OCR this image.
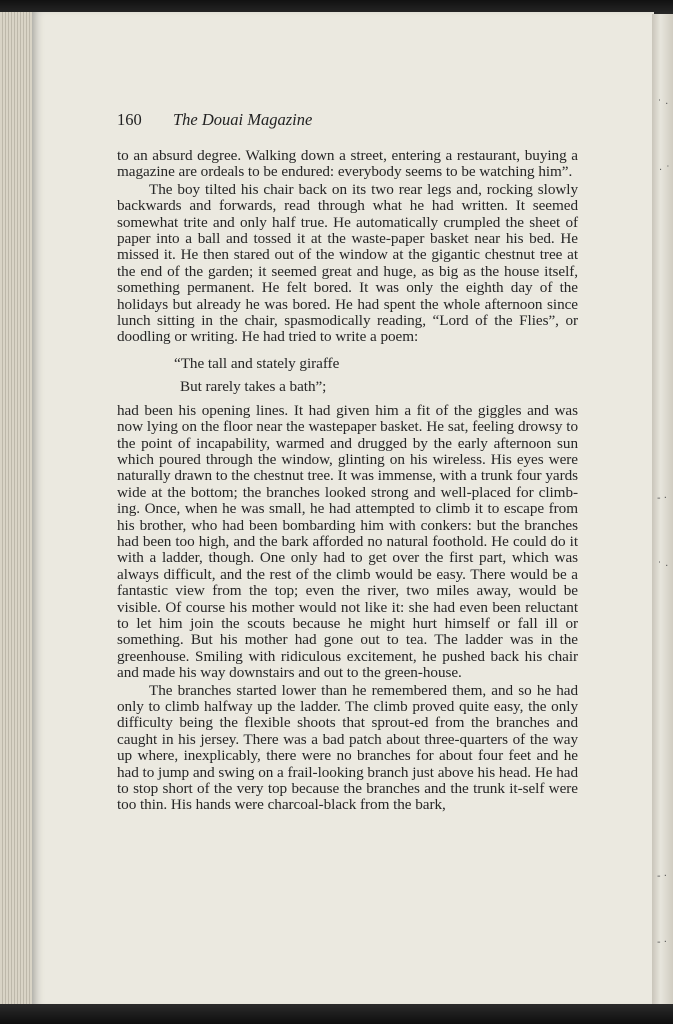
˙ ·
· ˙
- ·
˙ ·
- ·
- ·
160 The Douai Magazine

to an absurd degree. Walking down a street, entering a restaurant, buying a magazine are ordeals to be endured: everybody seems to be watching him”.

The boy tilted his chair back on its two rear legs and, rocking slowly backwards and forwards, read through what he had written. It seemed somewhat trite and only half true. He automatically crumpled the sheet of paper into a ball and tossed it at the waste-paper basket near his bed. He missed it. He then stared out of the window at the gigantic chestnut tree at the end of the garden; it seemed great and huge, as big as the house itself, something permanent. He felt bored. It was only the eighth day of the holidays but already he was bored. He had spent the whole afternoon since lunch sitting in the chair, spasmodically reading, “Lord of the Flies”, or doodling or writing. He had tried to write a poem:

“The tall and stately giraffe

But rarely takes a bath”;

had been his opening lines. It had given him a fit of the giggles and was now lying on the floor near the wastepaper basket. He sat, feeling drowsy to the point of incapability, warmed and drugged by the early afternoon sun which poured through the window, glinting on his wireless. His eyes were naturally drawn to the chestnut tree. It was immense, with a trunk four yards wide at the bottom; the branches looked strong and well-placed for climb-ing. Once, when he was small, he had attempted to climb it to escape from his brother, who had been bombarding him with conkers: but the branches had been too high, and the bark afforded no natural foothold. He could do it with a ladder, though. One only had to get over the first part, which was always difficult, and the rest of the climb would be easy. There would be a fantastic view from the top; even the river, two miles away, would be visible. Of course his mother would not like it: she had even been reluctant to let him join the scouts because he might hurt himself or fall ill or something. But his mother had gone out to tea. The ladder was in the greenhouse. Smiling with ridiculous excitement, he pushed back his chair and made his way downstairs and out to the green-house.

The branches started lower than he remembered them, and so he had only to climb halfway up the ladder. The climb proved quite easy, the only difficulty being the flexible shoots that sprout-ed from the branches and caught in his jersey. There was a bad patch about three-quarters of the way up where, inexplicably, there were no branches for about four feet and he had to jump and swing on a frail-looking branch just above his head. He had to stop short of the very top because the branches and the trunk it-self were too thin. His hands were charcoal-black from the bark,
